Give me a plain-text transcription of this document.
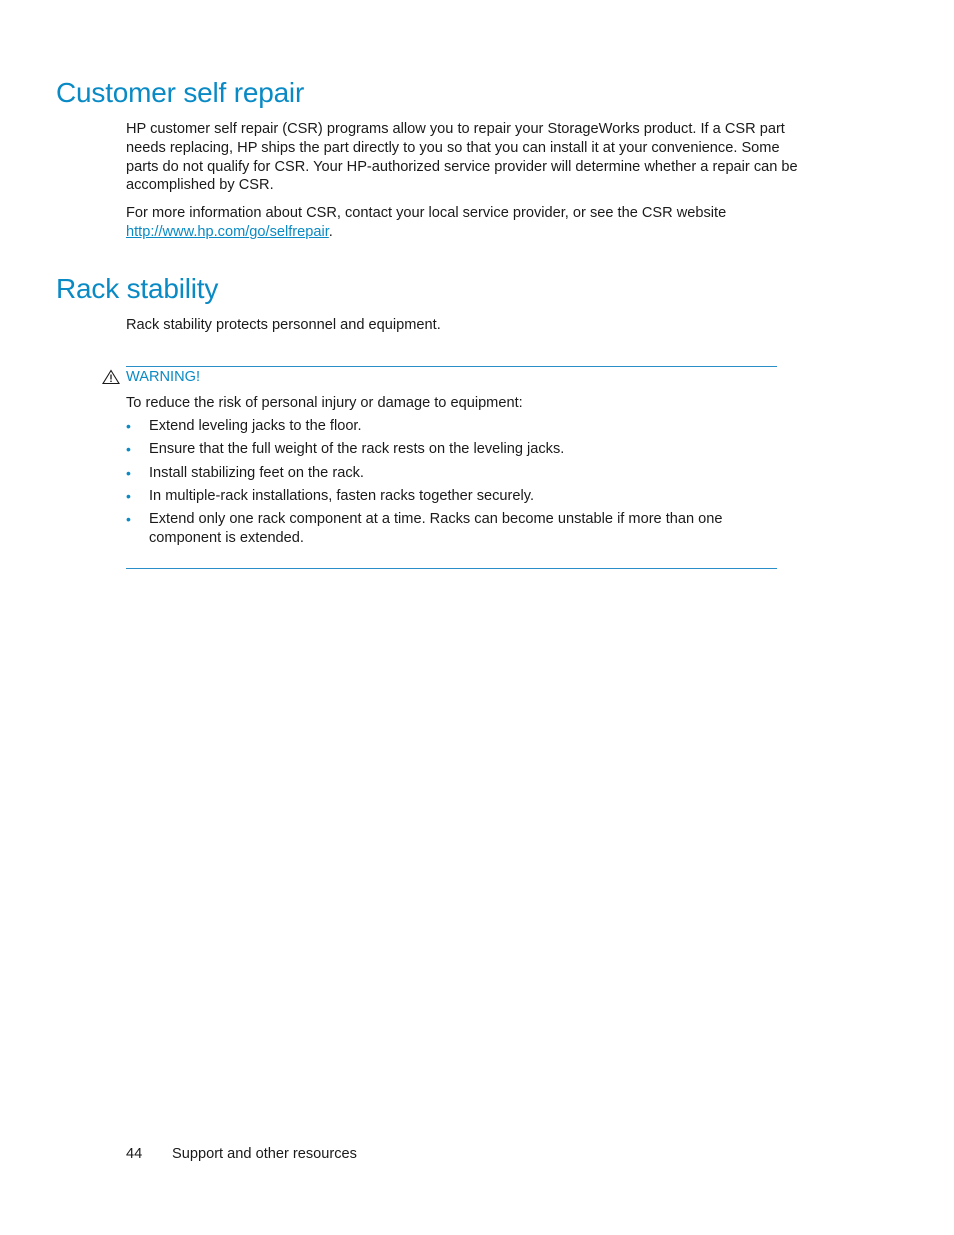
Customer self repair

HP customer self repair (CSR) programs allow you to repair your StorageWorks product. If a CSR part needs replacing, HP ships the part directly to you so that you can install it at your convenience. Some parts do not qualify for CSR. Your HP-authorized service provider will determine whether a repair can be accomplished by CSR.

For more information about CSR, contact your local service provider, or see the CSR website http://www.hp.com/go/selfrepair.

Rack stability

Rack stability protects personnel and equipment.

WARNING!

To reduce the risk of personal injury or damage to equipment:

• Extend leveling jacks to the floor.
• Ensure that the full weight of the rack rests on the leveling jacks.
• Install stabilizing feet on the rack.
• In multiple-rack installations, fasten racks together securely.
• Extend only one rack component at a time. Racks can become unstable if more than one component is extended.
44	Support and other resources
